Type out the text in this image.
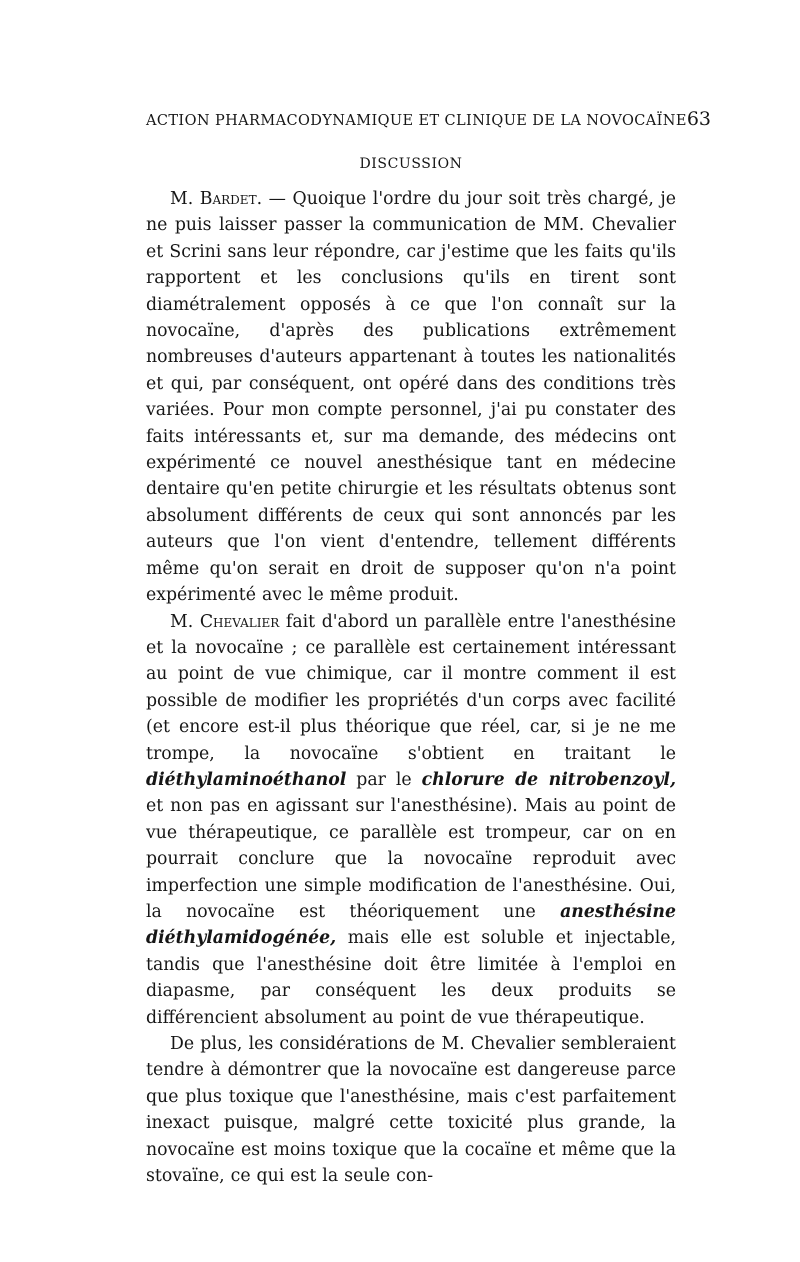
ACTION PHARMACODYNAMIQUE ET CLINIQUE DE LA NOVOCAÏNE 63
DISCUSSION

M. Bardet. — Quoique l'ordre du jour soit très chargé, je ne puis laisser passer la communication de MM. Chevalier et Scrini sans leur répondre, car j'estime que les faits qu'ils rapportent et les conclusions qu'ils en tirent sont diamétralement opposés à ce que l'on connaît sur la novocaïne, d'après des publications extrêmement nombreuses d'auteurs appartenant à toutes les nationalités et qui, par conséquent, ont opéré dans des conditions très variées. Pour mon compte personnel, j'ai pu constater des faits intéressants et, sur ma demande, des médecins ont expérimenté ce nouvel anesthésique tant en médecine dentaire qu'en petite chirurgie et les résultats obtenus sont absolument différents de ceux qui sont annoncés par les auteurs que l'on vient d'entendre, tellement différents même qu'on serait en droit de supposer qu'on n'a point expérimenté avec le même produit.

M. Chevalier fait d'abord un parallèle entre l'anesthésine et la novocaïne ; ce parallèle est certainement intéressant au point de vue chimique, car il montre comment il est possible de modifier les propriétés d'un corps avec facilité (et encore est-il plus théorique que réel, car, si je ne me trompe, la novocaïne s'obtient en traitant le diéthylaminoéthanol par le chlorure de nitrobenzoyl, et non pas en agissant sur l'anesthésine). Mais au point de vue thérapeutique, ce parallèle est trompeur, car on en pourrait conclure que la novocaïne reproduit avec imperfection une simple modification de l'anesthésine. Oui, la novocaïne est théoriquement une anesthésine diéthylamidogénée, mais elle est soluble et injectable, tandis que l'anesthésine doit être limitée à l'emploi en diapasme, par conséquent les deux produits se différencient absolument au point de vue thérapeutique.

De plus, les considérations de M. Chevalier sembleraient tendre à démontrer que la novocaïne est dangereuse parce que plus toxique que l'anesthésine, mais c'est parfaitement inexact puisque, malgré cette toxicité plus grande, la novocaïne est moins toxique que la cocaïne et même que la stovaïne, ce qui est la seule con-
